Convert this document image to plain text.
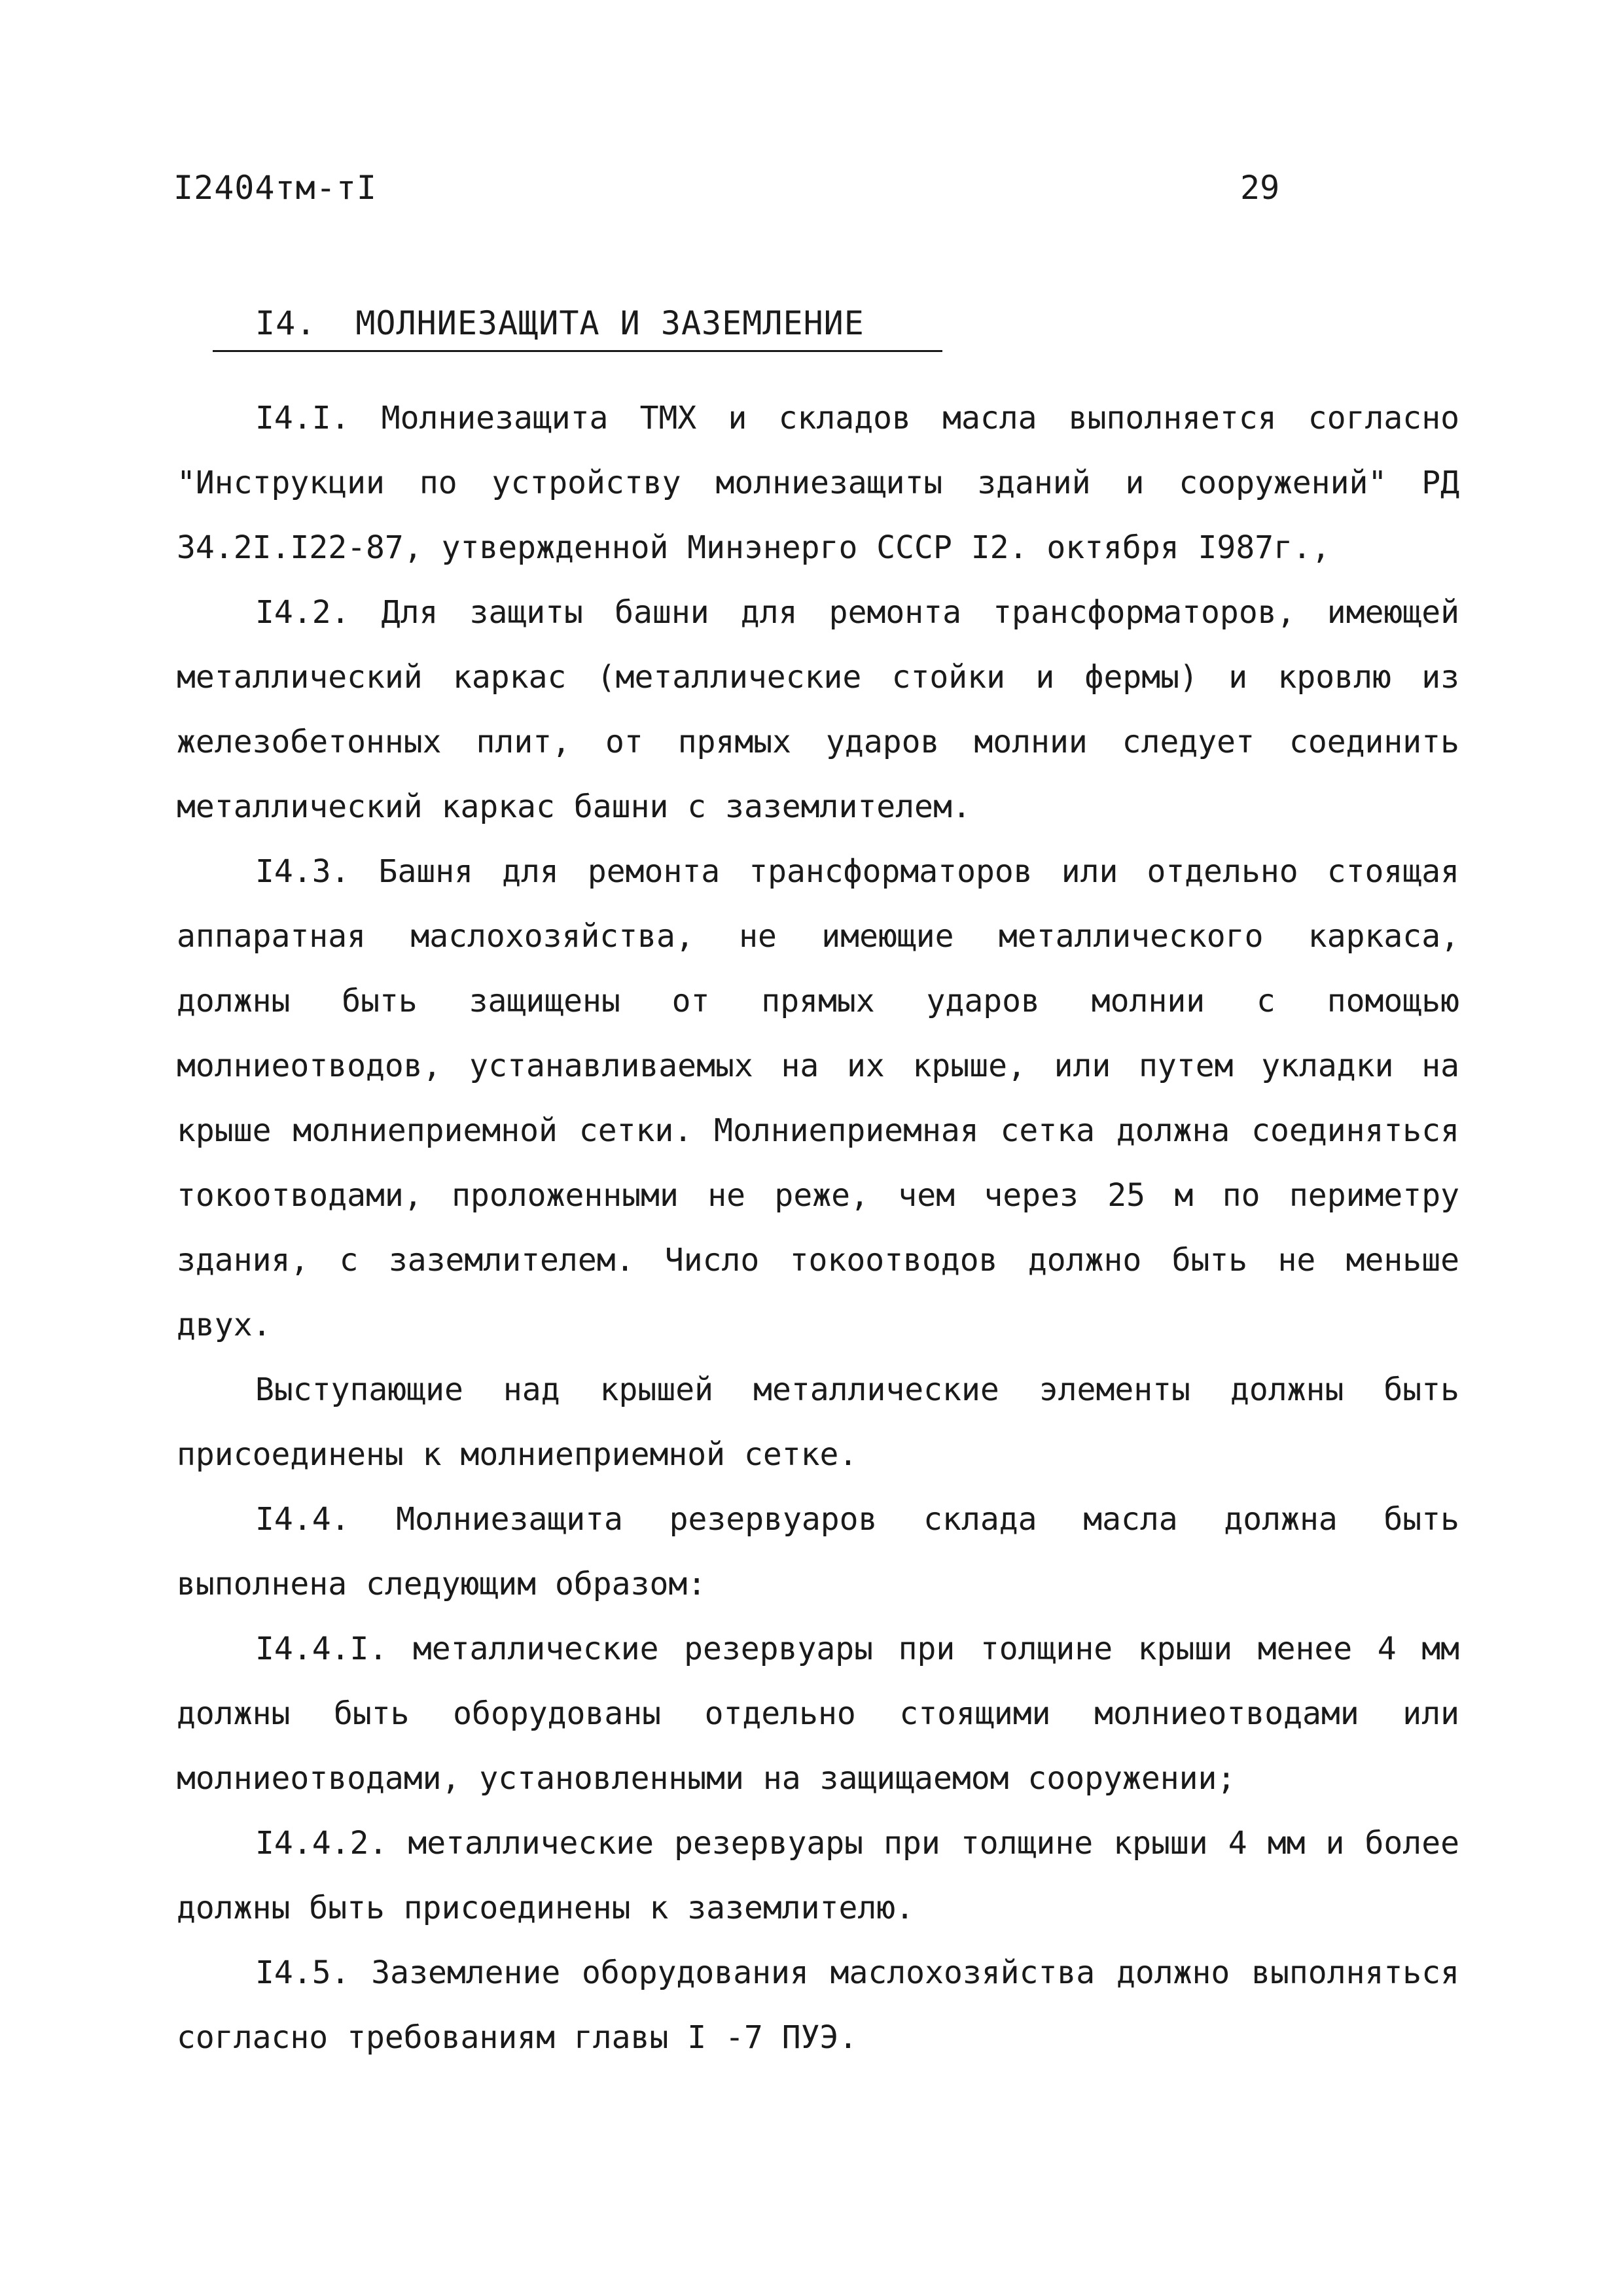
I2404тм-тI	29
I4. МОЛНИЕЗАЩИТА И ЗАЗЕМЛЕНИЕ

I4.I. Молниезащита ТМХ и складов масла выполняется согласно "Инструкции по устройству молниезащиты зданий и сооружений" РД 34.2I.I22-87, утвержденной Минэнерго СССР I2. октября I987г.,

I4.2. Для защиты башни для ремонта трансформаторов, имеющей металлический каркас (металлические стойки и фермы) и кровлю из железобетонных плит, от прямых ударов молнии следует соединить металлический каркас башни с заземлителем.

I4.3. Башня для ремонта трансформаторов или отдельно стоящая аппаратная маслохозяйства, не имеющие металлического каркаса, должны быть защищены от прямых ударов молнии с помощью молниеотводов, устанавливаемых на их крыше, или путем укладки на крыше молниеприемной сетки. Молниеприемная сетка должна соединяться токоотводами, проложенными не реже, чем через 25 м по периметру здания, с заземлителем. Число токоотводов должно быть не меньше двух.

Выступающие над крышей металлические элементы должны быть присоединены к молниеприемной сетке.

I4.4. Молниезащита резервуаров склада масла должна быть выполнена следующим образом:

I4.4.I. металлические резервуары при толщине крыши менее 4 мм должны быть оборудованы отдельно стоящими молниеотводами или молниеотводами, установленными на защищаемом сооружении;

I4.4.2. металлические резервуары при толщине крыши 4 мм и более должны быть присоединены к заземлителю.

I4.5. Заземление оборудования маслохозяйства должно выполняться согласно требованиям главы I -7 ПУЭ.
